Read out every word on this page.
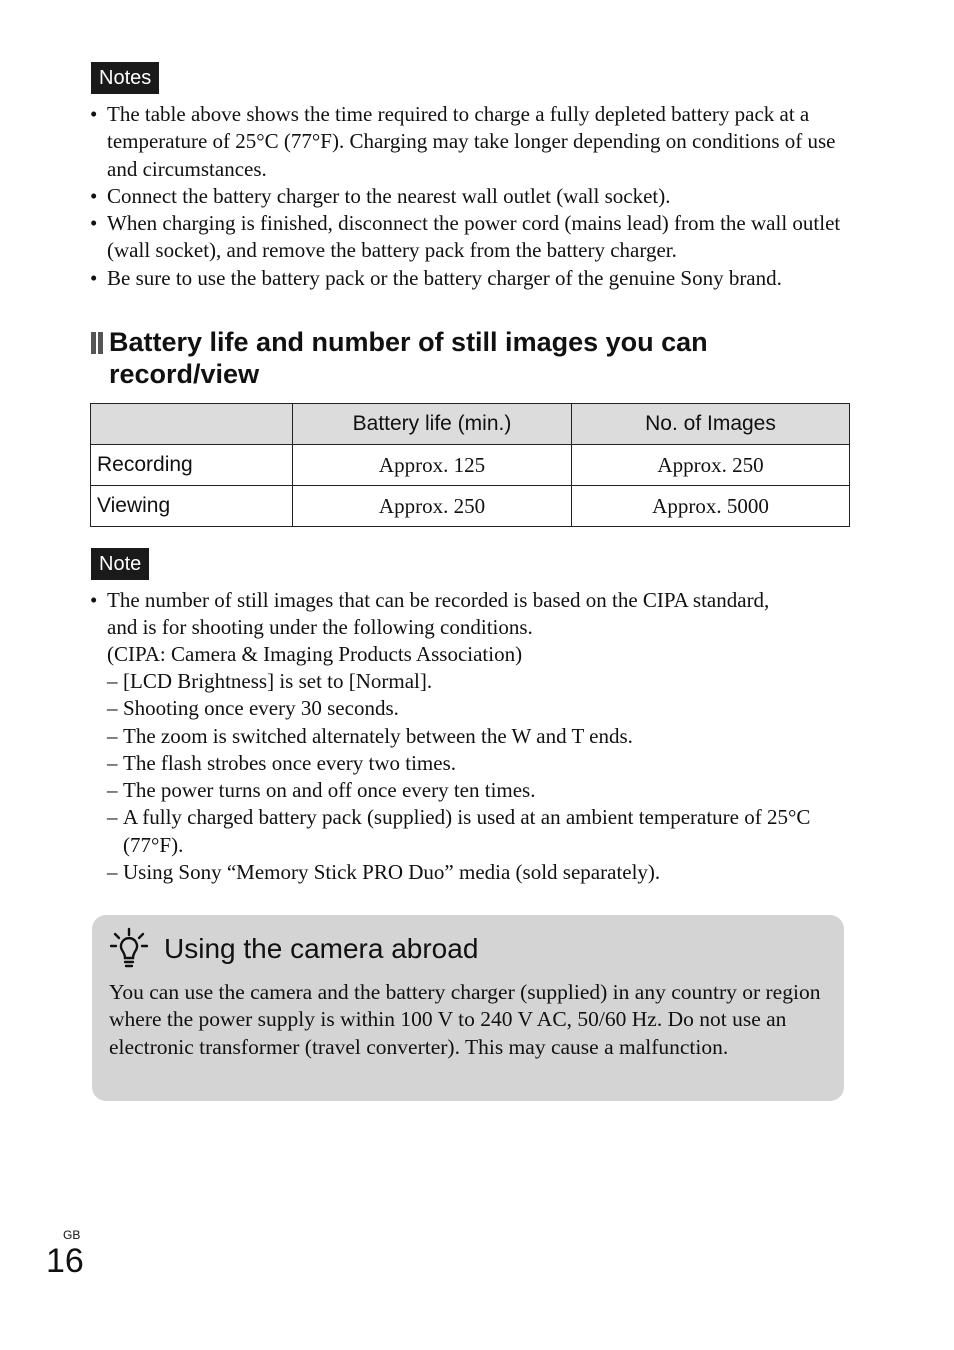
Notes
• The table above shows the time required to charge a fully depleted battery pack at a temperature of 25°C (77°F). Charging may take longer depending on conditions of use and circumstances.
• Connect the battery charger to the nearest wall outlet (wall socket).
• When charging is finished, disconnect the power cord (mains lead) from the wall outlet (wall socket), and remove the battery pack from the battery charger.
• Be sure to use the battery pack or the battery charger of the genuine Sony brand.
Battery life and number of still images you can record/view
	Battery life (min.)	No. of Images
Recording	Approx. 125	Approx. 250
Viewing	Approx. 250	Approx. 5000
Note
• The number of still images that can be recorded is based on the CIPA standard,
and is for shooting under the following conditions.
(CIPA: Camera & Imaging Products Association)
– [LCD Brightness] is set to [Normal].
– Shooting once every 30 seconds.
– The zoom is switched alternately between the W and T ends.
– The flash strobes once every two times.
– The power turns on and off once every ten times.
– A fully charged battery pack (supplied) is used at an ambient temperature of 25°C (77°F).
– Using Sony “Memory Stick PRO Duo” media (sold separately).
Using the camera abroad
You can use the camera and the battery charger (supplied) in any country or region where the power supply is within 100 V to 240 V AC, 50/60 Hz. Do not use an electronic transformer (travel converter). This may cause a malfunction.
GB
16
